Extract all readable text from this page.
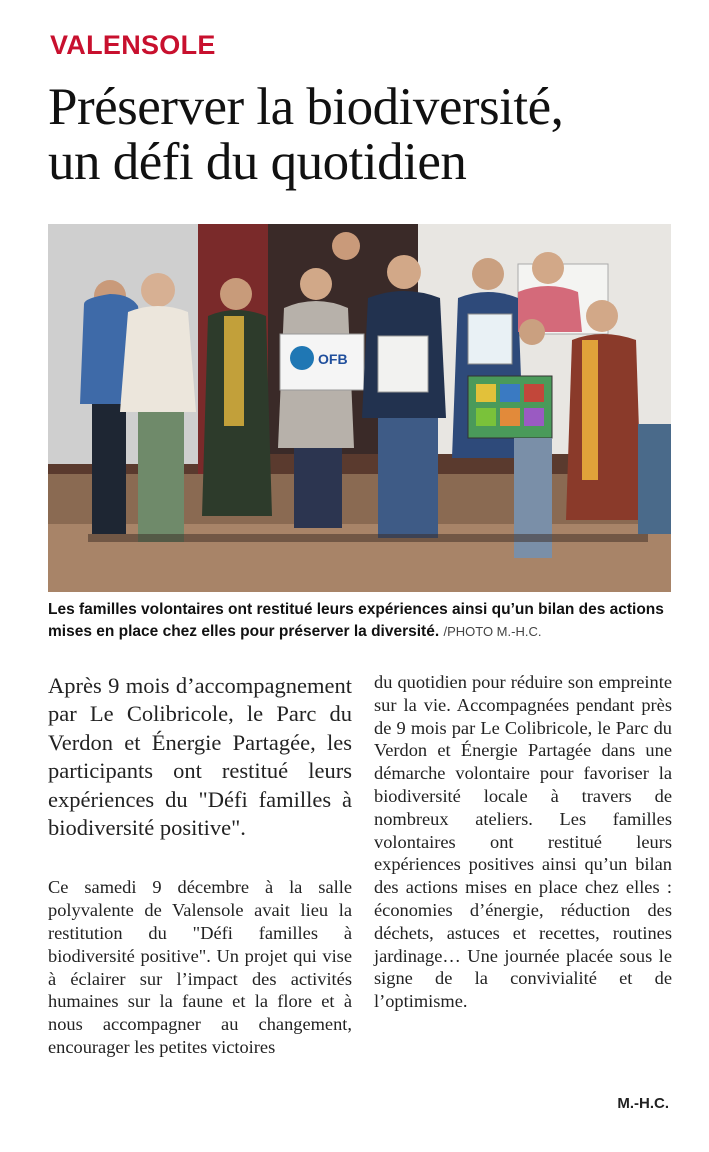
VALENSOLE
Préserver la biodiversité,
un défi du quotidien
OFB
Les familles volontaires ont restitué leurs expériences ainsi qu’un bilan des actions mises en place chez elles pour préserver la diversité. /PHOTO M.-H.C.

Après 9 mois d’accompagnement par Le Colibricole, le Parc du Verdon et Énergie Partagée, les participants ont restitué leurs expériences du "Défi familles à biodiversité positive".

Ce samedi 9 décembre à la salle polyvalente de Valensole avait lieu la restitution du "Défi familles à biodiversité positive". Un projet qui vise à éclairer sur l’impact des activités humaines sur la faune et la flore et à nous accompagner au changement, encourager les petites victoires

du quotidien pour réduire son empreinte sur la vie. Accompagnées pendant près de 9 mois par Le Colibricole, le Parc du Verdon et Énergie Partagée dans une démarche volontaire pour favoriser la biodiversité locale à travers de nombreux ateliers. Les familles volontaires ont restitué leurs expériences positives ainsi qu’un bilan des actions mises en place chez elles : économies d’énergie, réduction des déchets, astuces et recettes, routines jardinage… Une journée placée sous le signe de la convivialité et de l’optimisme.

M.-H.C.
